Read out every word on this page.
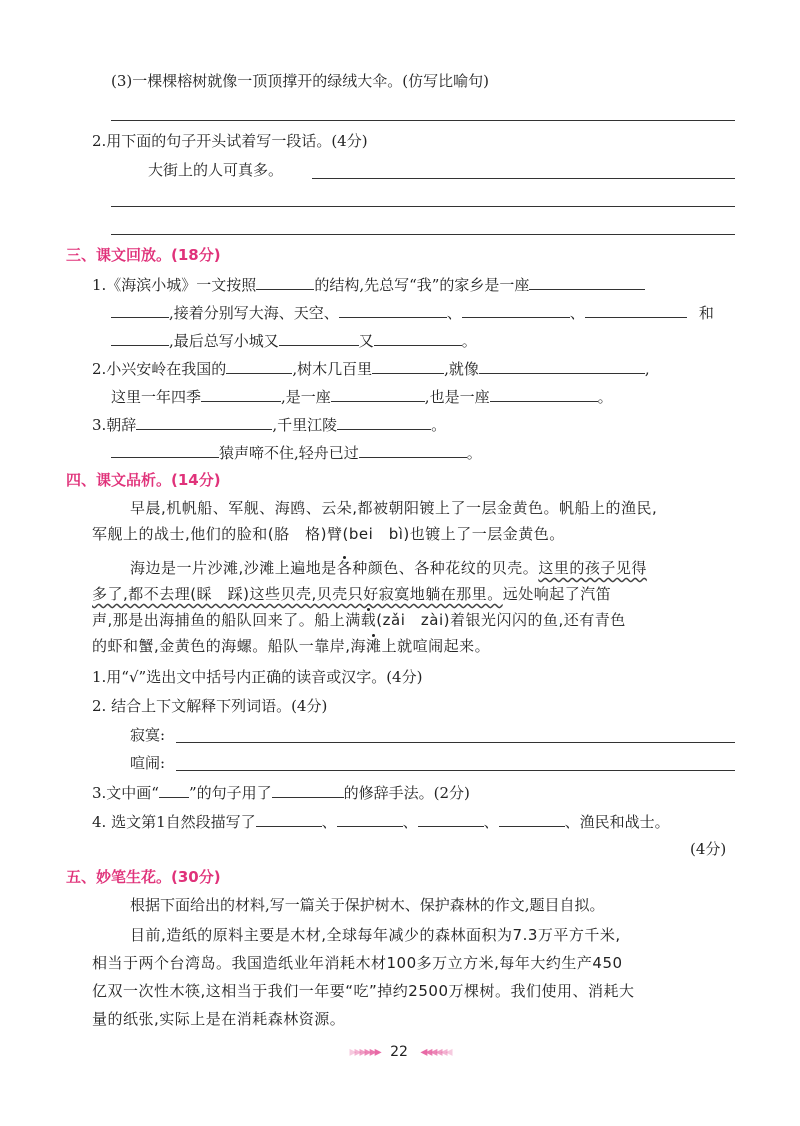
(3)一棵棵榕树就像一顶顶撑开的绿绒大伞。(仿写比喻句)
2.用下面的句子开头试着写一段话。(4分)
大街上的人可真多。
三、课文回放。(18分)
1.《海滨小城》一文按照	的结构,先总写“我”的家乡是一座
,接着分别写大海、天空、	、	、	和
,最后总写小城又	又	。
2.小兴安岭在我国的	,树木几百里	,就像	,
这里一年四季	,是一座	,也是一座	。
3.朝辞	,千里江陵	。
猿声啼不住,轻舟已过	。
四、课文品析。(14分)
早晨,机帆船、军舰、海鸥、云朵,都被朝阳镀上了一层金黄色。帆船上的渔民,
军舰上的战士,他们的脸和(胳　格)臂(bei　bì)也镀上了一层金黄色。
海边是一片沙滩,沙滩上遍地是各种颜色、各种花纹的贝壳。这里的孩子见得
多了,都不去理(睬　踩)这些贝壳,贝壳只好寂寞地躺在那里。远处响起了汽笛
声,那是出海捕鱼的船队回来了。船上满载(zǎi　zài)着银光闪闪的鱼,还有青色
的虾和蟹,金黄色的海螺。船队一靠岸,海滩上就喧闹起来。
1.用“√”选出文中括号内正确的读音或汉字。(4分)
2. 结合上下文解释下列词语。(4分)
寂寞:
喧闹:
3.文中画“ ”的句子用了	的修辞手法。(2分)
4. 选文第1自然段描写了	、	、	、	、渔民和战士。
(4分)
五、妙笔生花。(30分)
根据下面给出的材料,写一篇关于保护树木、保护森林的作文,题目自拟。
目前,造纸的原料主要是木材,全球每年减少的森林面积为7.3万平方千米,
相当于两个台湾岛。我国造纸业年消耗木材100多万立方米,每年大约生产450
亿双一次性木筷,这相当于我们一年要“吃”掉约2500万棵树。我们使用、消耗大
量的纸张,实际上是在消耗森林资源。
▸▸▸▸▸▸ 22 ◂◂◂◂◂◂
